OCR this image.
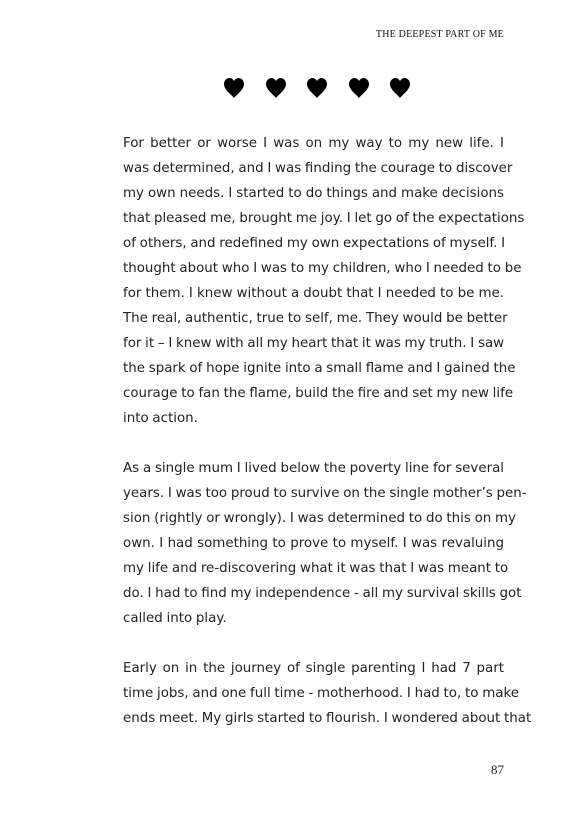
THE DEEPEST PART OF ME
For better or worse I was on my way to my new life. I
was determined, and I was finding the courage to discover
my own needs. I started to do things and make decisions
that pleased me, brought me joy. I let go of the expectations
of others, and redefined my own expectations of myself. I
thought about who I was to my children, who I needed to be
for them. I knew without a doubt that I needed to be me.
The real, authentic, true to self, me. They would be better
for it – I knew with all my heart that it was my truth. I saw
the spark of hope ignite into a small flame and I gained the
courage to fan the flame, build the fire and set my new life
into action.
As a single mum I lived below the poverty line for several
years. I was too proud to survive on the single mother’s pen-
sion (rightly or wrongly). I was determined to do this on my
own. I had something to prove to myself. I was revaluing
my life and re-discovering what it was that I was meant to
do. I had to find my independence - all my survival skills got
called into play.
Early on in the journey of single parenting I had 7 part
time jobs, and one full time - motherhood. I had to, to make
ends meet. My girls started to flourish. I wondered about that
87
